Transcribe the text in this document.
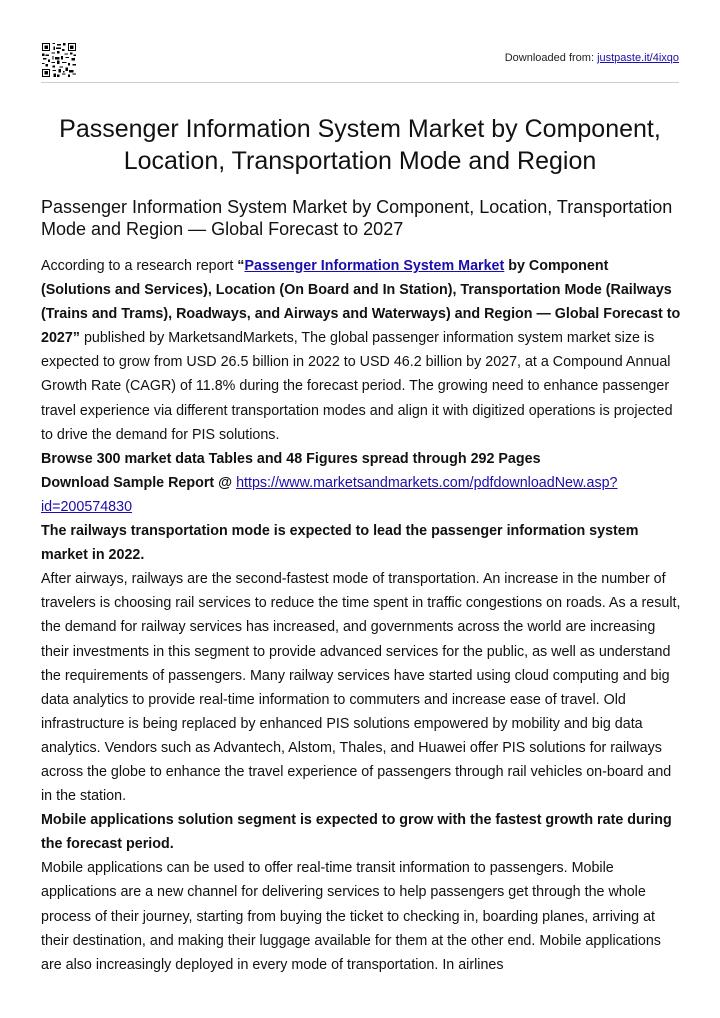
Downloaded from: justpaste.it/4ixqo
Passenger Information System Market by Component, Location, Transportation Mode and Region
Passenger Information System Market by Component, Location, Transportation Mode and Region — Global Forecast to 2027

According to a research report “Passenger Information System Market by Component (Solutions and Services), Location (On Board and In Station), Transportation Mode (Railways (Trains and Trams), Roadways, and Airways and Waterways) and Region — Global Forecast to 2027” published by MarketsandMarkets, The global passenger information system market size is expected to grow from USD 26.5 billion in 2022 to USD 46.2 billion by 2027, at a Compound Annual Growth Rate (CAGR) of 11.8% during the forecast period. The growing need to enhance passenger travel experience via different transportation modes and align it with digitized operations is projected to drive the demand for PIS solutions.

Browse 300 market data Tables and 48 Figures spread through 292 Pages

Download Sample Report @ https://www.marketsandmarkets.com/pdfdownloadNew.asp?id=200574830

The railways transportation mode is expected to lead the passenger information system market in 2022.

After airways, railways are the second-fastest mode of transportation. An increase in the number of travelers is choosing rail services to reduce the time spent in traffic congestions on roads. As a result, the demand for railway services has increased, and governments across the world are increasing their investments in this segment to provide advanced services for the public, as well as understand the requirements of passengers. Many railway services have started using cloud computing and big data analytics to provide real-time information to commuters and increase ease of travel. Old infrastructure is being replaced by enhanced PIS solutions empowered by mobility and big data analytics. Vendors such as Advantech, Alstom, Thales, and Huawei offer PIS solutions for railways across the globe to enhance the travel experience of passengers through rail vehicles on-board and in the station.

Mobile applications solution segment is expected to grow with the fastest growth rate during the forecast period.

Mobile applications can be used to offer real-time transit information to passengers. Mobile applications are a new channel for delivering services to help passengers get through the whole process of their journey, starting from buying the ticket to checking in, boarding planes, arriving at their destination, and making their luggage available for them at the other end. Mobile applications are also increasingly deployed in every mode of transportation. In airlines
